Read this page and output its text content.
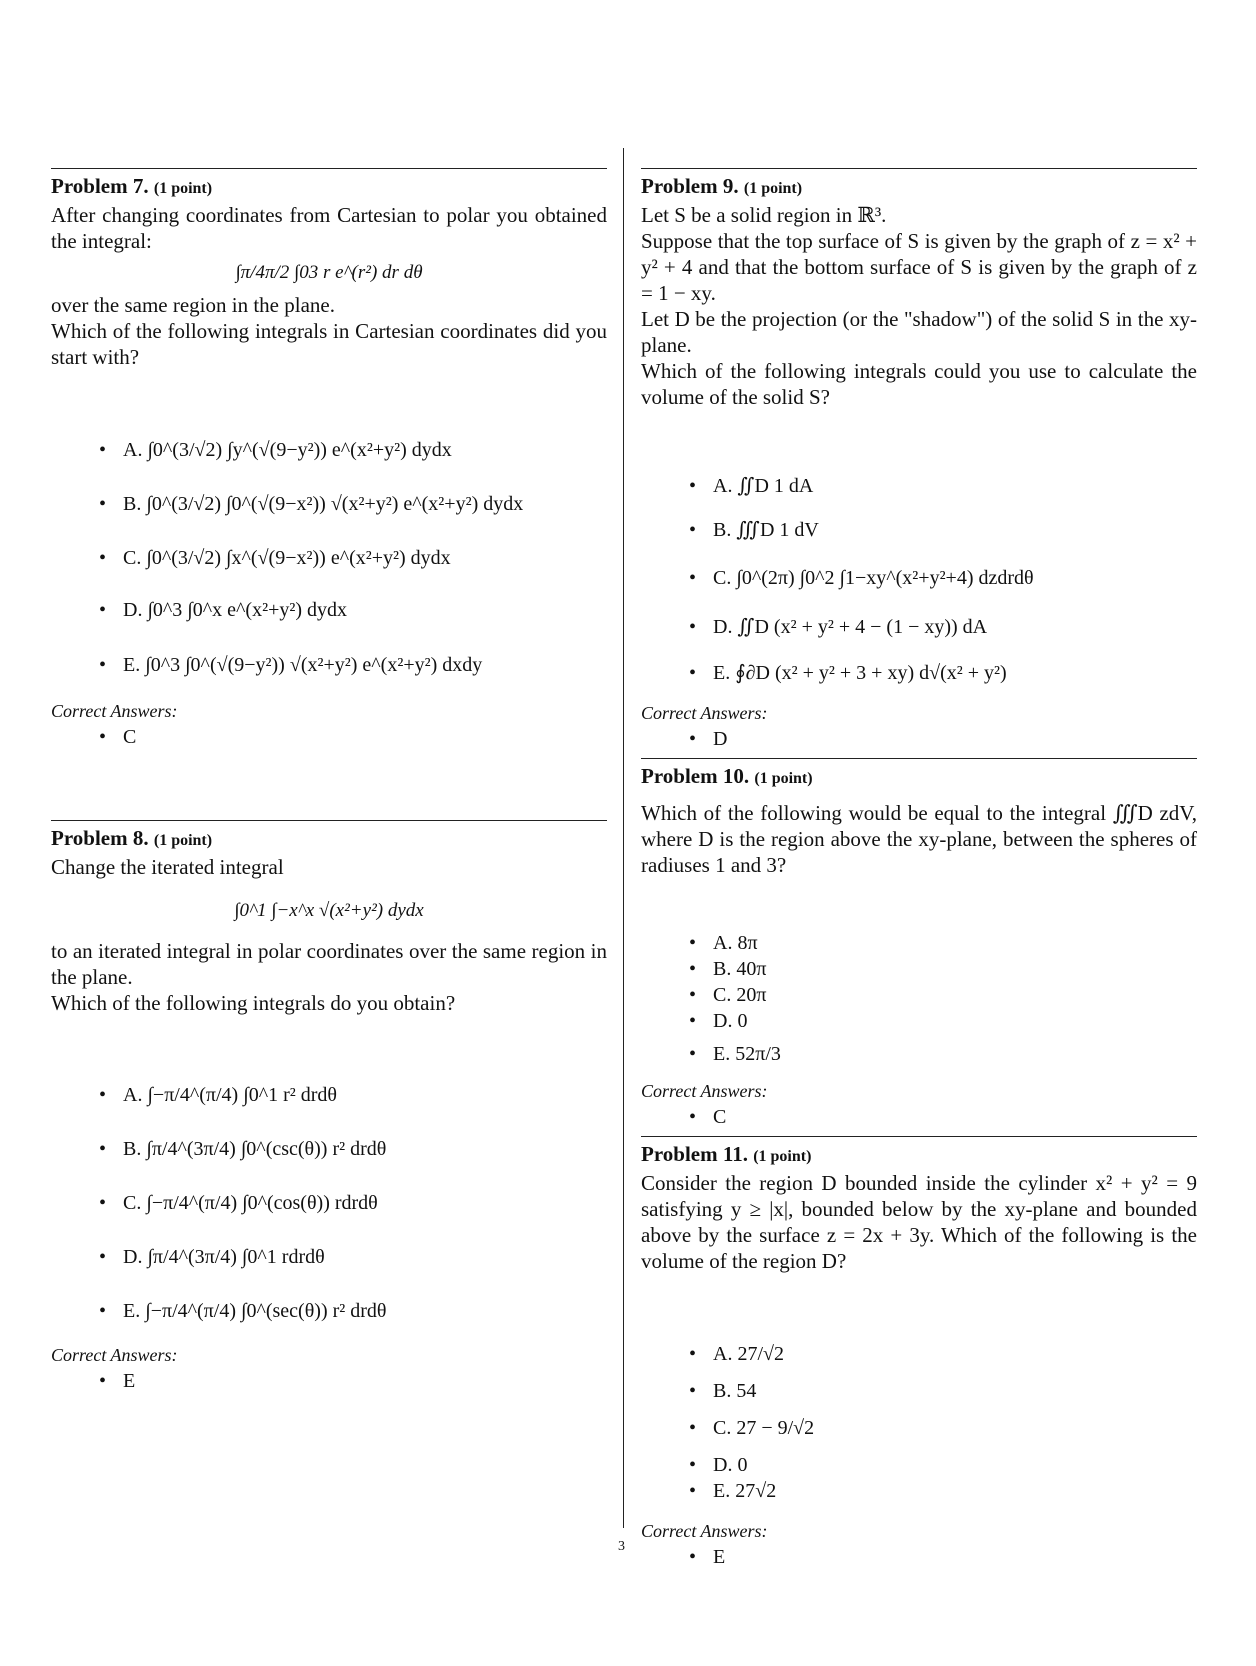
Problem 7. (1 point)

After changing coordinates from Cartesian to polar you obtained the integral:

∫π/4π/2 ∫03 r e^(r²) dr dθ

over the same region in the plane.

Which of the following integrals in Cartesian coordinates did you start with?

• A. ∫0^(3/√2) ∫y^(√(9−y²)) e^(x²+y²) dydx
• B. ∫0^(3/√2) ∫0^(√(9−x²)) √(x²+y²) e^(x²+y²) dydx
• C. ∫0^(3/√2) ∫x^(√(9−x²)) e^(x²+y²) dydx
• D. ∫0^3 ∫0^x e^(x²+y²) dydx
• E. ∫0^3 ∫0^(√(9−y²)) √(x²+y²) e^(x²+y²) dxdy
Correct Answers:
• C
Problem 8. (1 point)

Change the iterated integral

∫0^1 ∫−x^x √(x²+y²) dydx

to an iterated integral in polar coordinates over the same region in the plane.

Which of the following integrals do you obtain?

• A. ∫−π/4^(π/4) ∫0^1 r² drdθ
• B. ∫π/4^(3π/4) ∫0^(csc(θ)) r² drdθ
• C. ∫−π/4^(π/4) ∫0^(cos(θ)) rdrdθ
• D. ∫π/4^(3π/4) ∫0^1 rdrdθ
• E. ∫−π/4^(π/4) ∫0^(sec(θ)) r² drdθ
Correct Answers:
• E
Problem 9. (1 point)

Let S be a solid region in ℝ³.

Suppose that the top surface of S is given by the graph of z = x² + y² + 4 and that the bottom surface of S is given by the graph of z = 1 − xy.

Let D be the projection (or the "shadow") of the solid S in the xy-plane.

Which of the following integrals could you use to calculate the volume of the solid S?

• A. ∬D 1 dA
• B. ∭D 1 dV
• C. ∫0^(2π) ∫0^2 ∫1−xy^(x²+y²+4) dzdrdθ
• D. ∬D (x² + y² + 4 − (1 − xy)) dA
• E. ∮∂D (x² + y² + 3 + xy) d√(x² + y²)
Correct Answers:
• D
Problem 10. (1 point)

Which of the following would be equal to the integral ∭D zdV, where D is the region above the xy-plane, between the spheres of radiuses 1 and 3?

• A. 8π
• B. 40π
• C. 20π
• D. 0
• E. 52π/3
Correct Answers:
• C
Problem 11. (1 point)

Consider the region D bounded inside the cylinder x² + y² = 9 satisfying y ≥ |x|, bounded below by the xy-plane and bounded above by the surface z = 2x + 3y. Which of the following is the volume of the region D?

• A. 27/√2
• B. 54
• C. 27 − 9/√2
• D. 0
• E. 27√2
Correct Answers:
• E
3
